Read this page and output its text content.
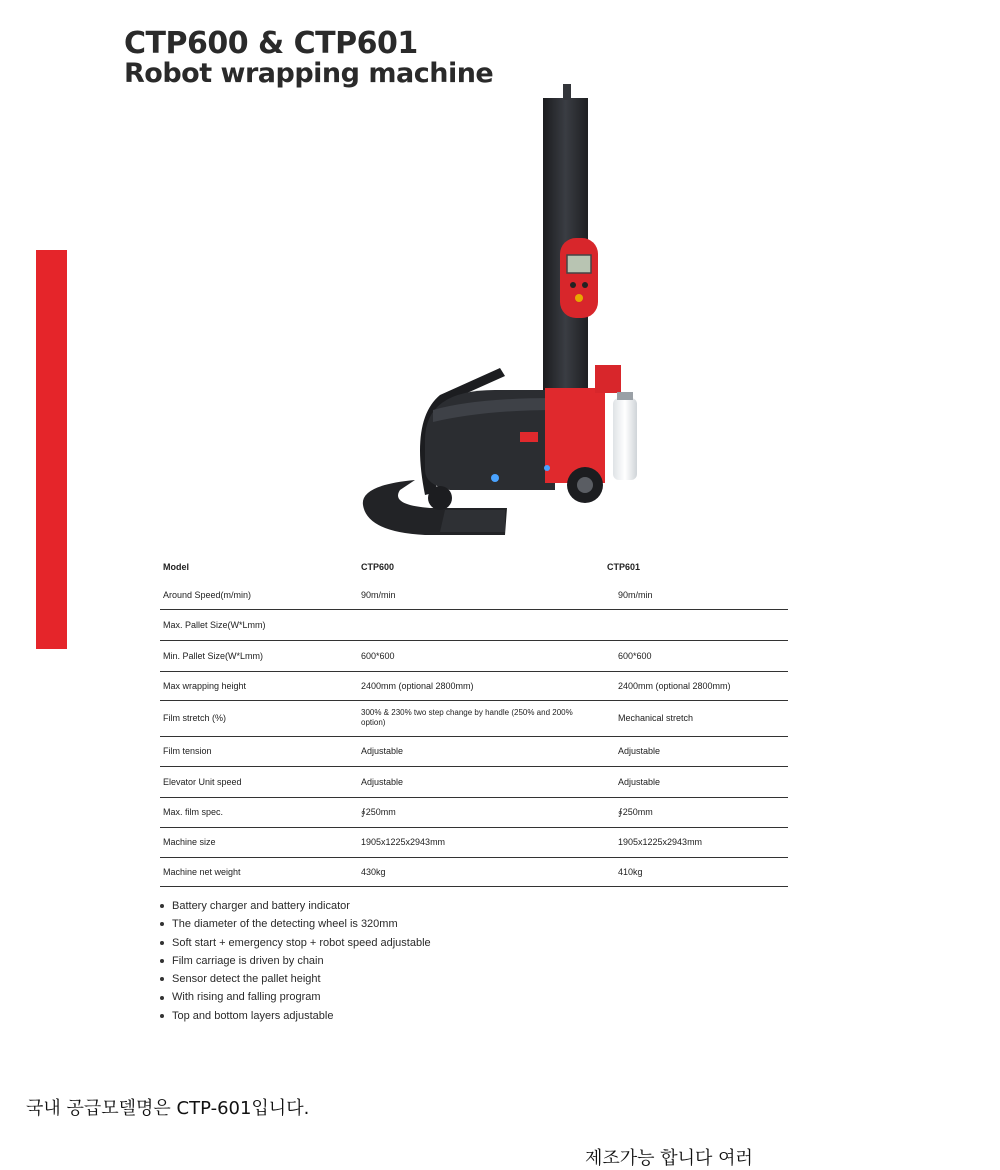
CTP600 & CTP601
Robot wrapping machine
Model	CTP600	CTP601
Around Speed(m/min)	90m/min	90m/min
Max. Pallet Size(W*Lmm)		
Min. Pallet Size(W*Lmm)	600*600	600*600
Max wrapping height	2400mm (optional 2800mm)	2400mm (optional 2800mm)
Film stretch (%)	300% & 230% two step change by handle (250% and 200% option)	Mechanical stretch
Film tension	Adjustable	Adjustable
Elevator Unit speed	Adjustable	Adjustable
Max. film spec.	∮250mm	∮250mm
Machine size	1905x1225x2943mm	1905x1225x2943mm
Machine net weight	430kg	410kg
Battery charger and battery indicator
The diameter of the detecting wheel is 320mm
Soft start + emergency stop + robot speed adjustable
Film carriage is driven by chain
Sensor detect the pallet height
With rising and falling program
Top and bottom layers adjustable
국내 공급모델명은 CTP-601입니다.
제조가능 합니다 여러
